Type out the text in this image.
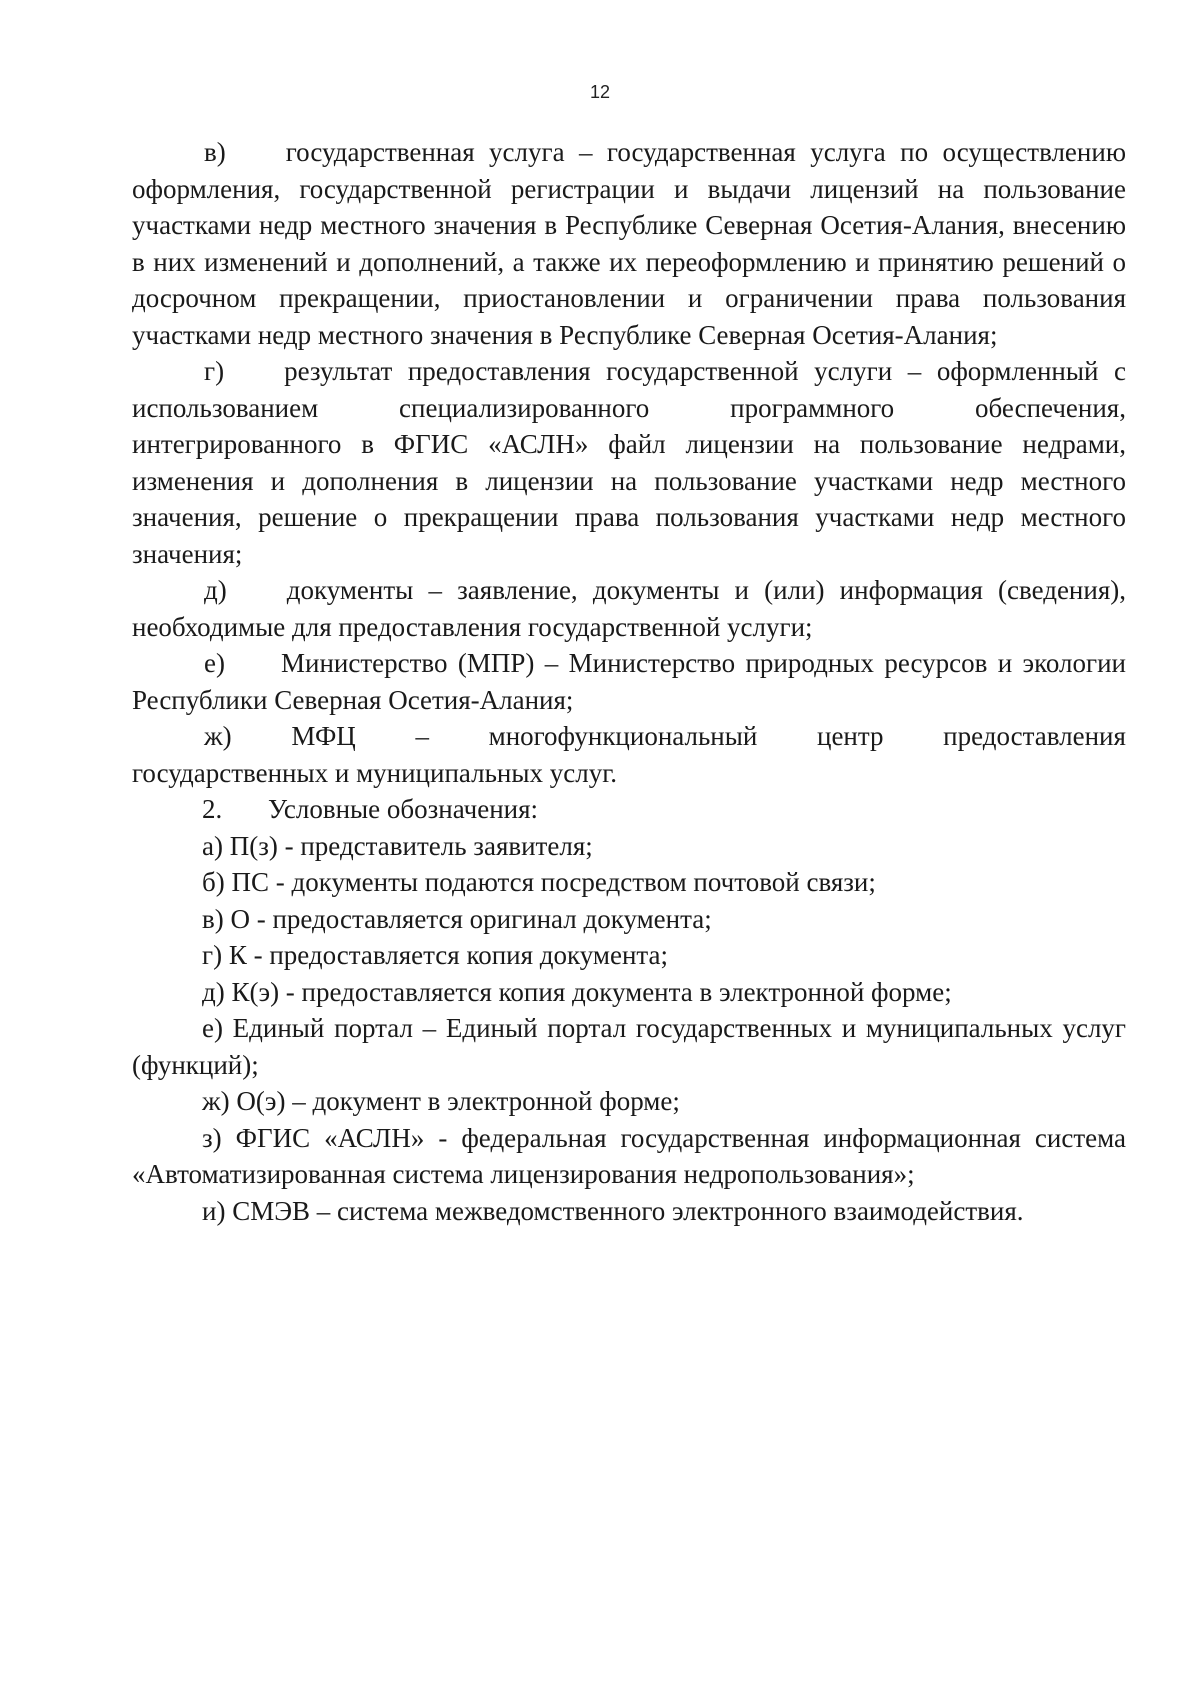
12
в) государственная услуга – государственная услуга по осуществлению

оформления, государственной регистрации и выдачи лицензий на пользование участками недр местного значения в Республике Северная Осетия-Алания, внесению в них изменений и дополнений, а также их переоформлению и принятию решений о досрочном прекращении, приостановлении и ограничении права пользования участками недр местного значения в Республике Северная Осетия-Алания;

г) результат предоставления государственной услуги – оформленный с
использованием	специализированного	программного	обеспечения,

интегрированного в ФГИС «АСЛН» файл лицензии на пользование недрами, изменения и дополнения в лицензии на пользование участками недр местного значения, решение о прекращении права пользования участками недр местного значения;

д) документы – заявление, документы и (или) информация (сведения),

необходимые для предоставления государственной услуги;

е) Министерство (МПР) – Министерство природных ресурсов и экологии

Республики Северная Осетия-Алания;

ж) МФЦ – многофункциональный центр предоставления

государственных и муниципальных услуг.

2. Условные обозначения:

а) П(з) - представитель заявителя;

б) ПС - документы подаются посредством почтовой связи;

в) О - предоставляется оригинал документа;

г) К - предоставляется копия документа;

д) К(э) - предоставляется копия документа в электронной форме;

е) Единый портал – Единый портал государственных и муниципальных услуг

(функций);

ж) О(э) – документ в электронной форме;

з) ФГИС «АСЛН» - федеральная государственная информационная система

«Автоматизированная система лицензирования недропользования»;

и) СМЭВ – система межведомственного электронного взаимодействия.
